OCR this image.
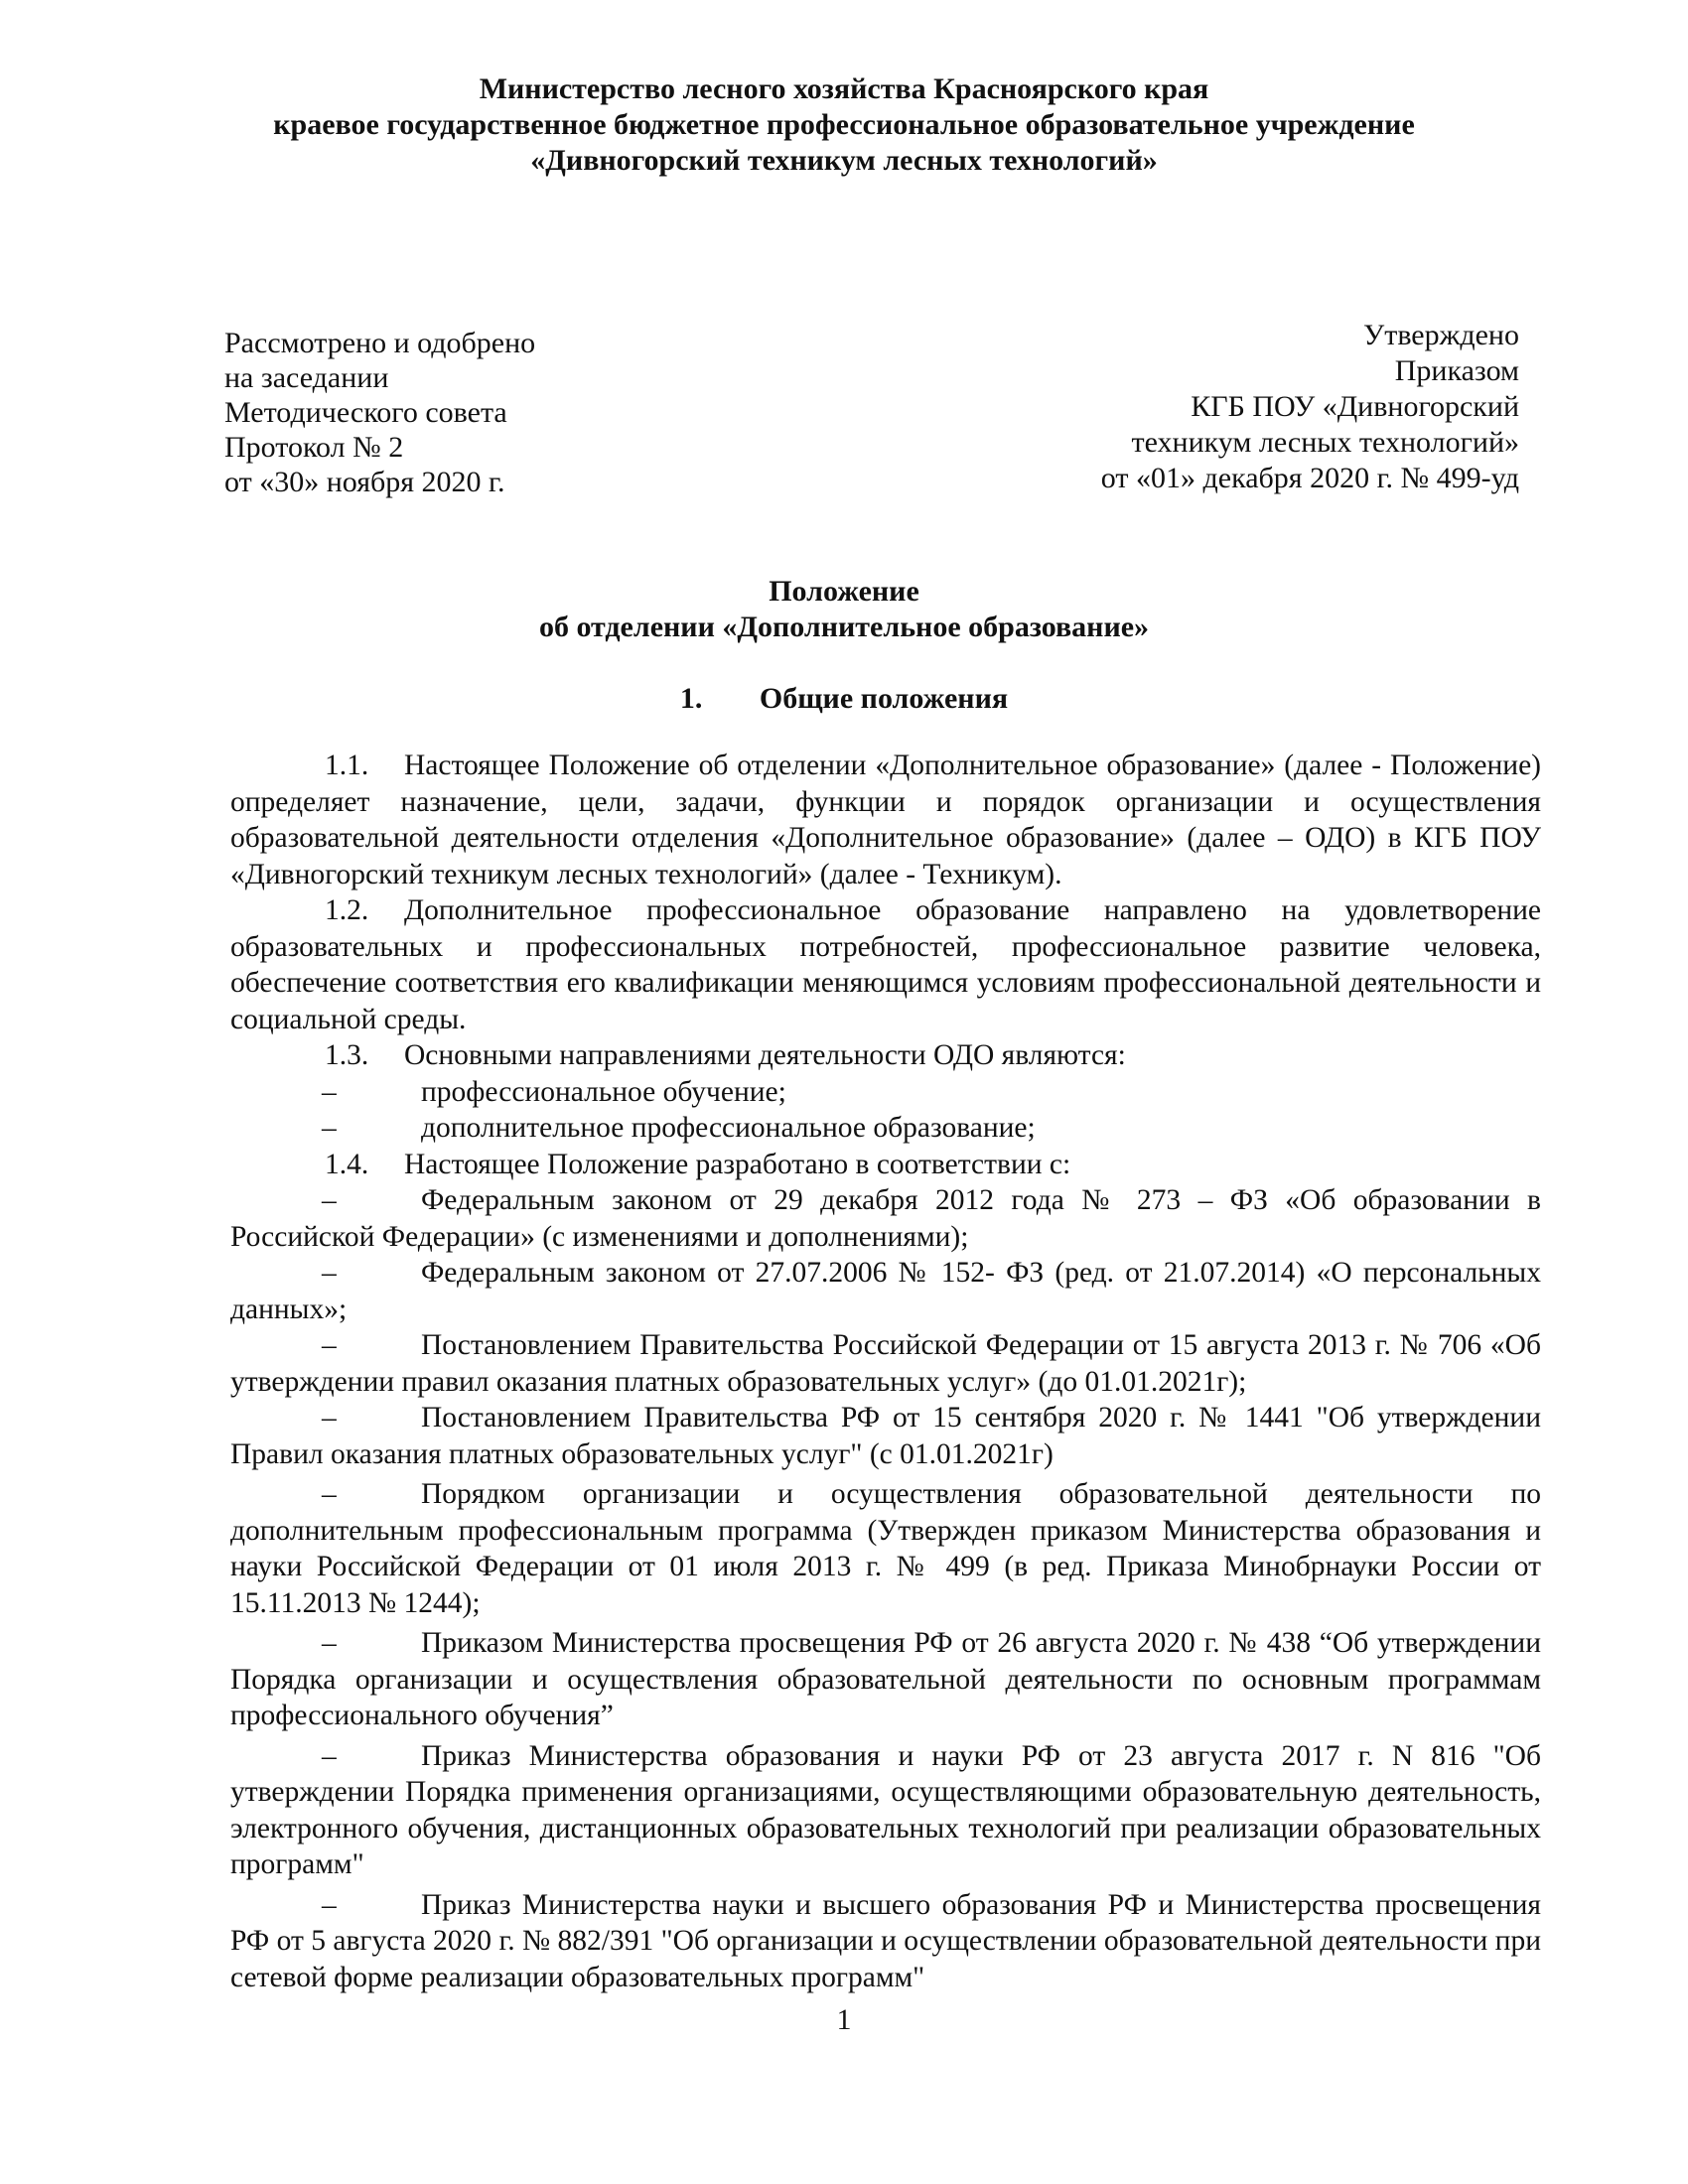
Министерство лесного хозяйства Красноярского края
краевое государственное бюджетное профессиональное образовательное учреждение
«Дивногорский техникум лесных технологий»
Рассмотрено и одобрено
на заседании
Методического совета
Протокол № 2
от «30» ноября 2020 г.
Утверждено
Приказом
КГБ ПОУ «Дивногорский
техникум лесных технологий»
от «01» декабря 2020 г. № 499-уд
Положение
об отделении «Дополнительное образование»
1. Общие положения

1.1. Настоящее Положение об отделении «Дополнительное образование» (далее - Положение) определяет назначение, цели, задачи, функции и порядок организации и осуществления образовательной деятельности отделения «Дополнительное образование» (далее – ОДО) в КГБ ПОУ «Дивногорский техникум лесных технологий» (далее - Техникум).

1.2. Дополнительное профессиональное образование направлено на удовлетворение образовательных и профессиональных потребностей, профессиональное развитие человека, обеспечение соответствия его квалификации меняющимся условиям профессиональной деятельности и социальной среды.

1.3. Основными направлениями деятельности ОДО являются:

–	профессиональное обучение;

–	дополнительное профессиональное образование;

1.4. Настоящее Положение разработано в соответствии с:

–	Федеральным законом от 29 декабря 2012 года № 273 – ФЗ «Об образовании в Российской Федерации» (с изменениями и дополнениями);

–	Федеральным законом от 27.07.2006 № 152- ФЗ (ред. от 21.07.2014) «О персональных данных»;

–	Постановлением Правительства Российской Федерации от 15 августа 2013 г. № 706 «Об утверждении правил оказания платных образовательных услуг» (до 01.01.2021г);

–	Постановлением Правительства РФ от 15 сентября 2020 г. № 1441 "Об утверждении Правил оказания платных образовательных услуг" (с 01.01.2021г)

–	Порядком организации и осуществления образовательной деятельности по дополнительным профессиональным программа (Утвержден приказом Министерства образования и науки Российской Федерации от 01 июля 2013 г. № 499 (в ред. Приказа Минобрнауки России от 15.11.2013 № 1244);

–	Приказом Министерства просвещения РФ от 26 августа 2020 г. № 438 “Об утверждении Порядка организации и осуществления образовательной деятельности по основным программам профессионального обучения”

–	Приказ Министерства образования и науки РФ от 23 августа 2017 г. N 816 "Об утверждении Порядка применения организациями, осуществляющими образовательную деятельность, электронного обучения, дистанционных образовательных технологий при реализации образовательных программ"

–	Приказ Министерства науки и высшего образования РФ и Министерства просвещения РФ от 5 августа 2020 г. № 882/391 "Об организации и осуществлении образовательной деятельности при сетевой форме реализации образовательных программ"

1
